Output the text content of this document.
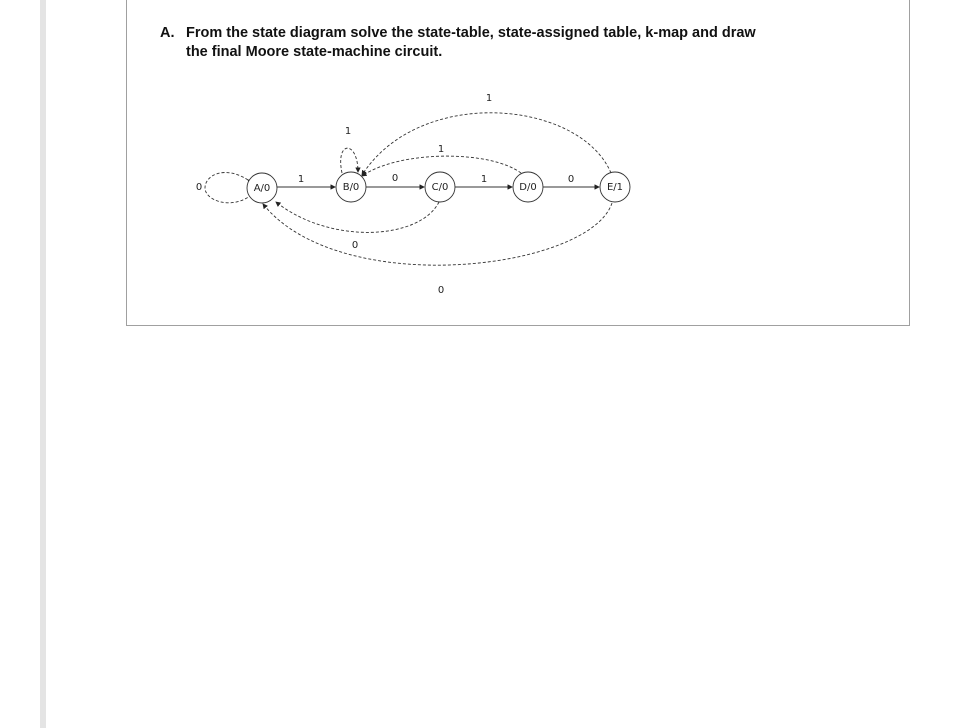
A. From the state diagram solve the state-table, state-assigned table, k-map and draw
the final Moore state-machine circuit.
A/0	B/0	C/0	D/0	E/1
0
1
1
0	1
0
0
1
1
0
